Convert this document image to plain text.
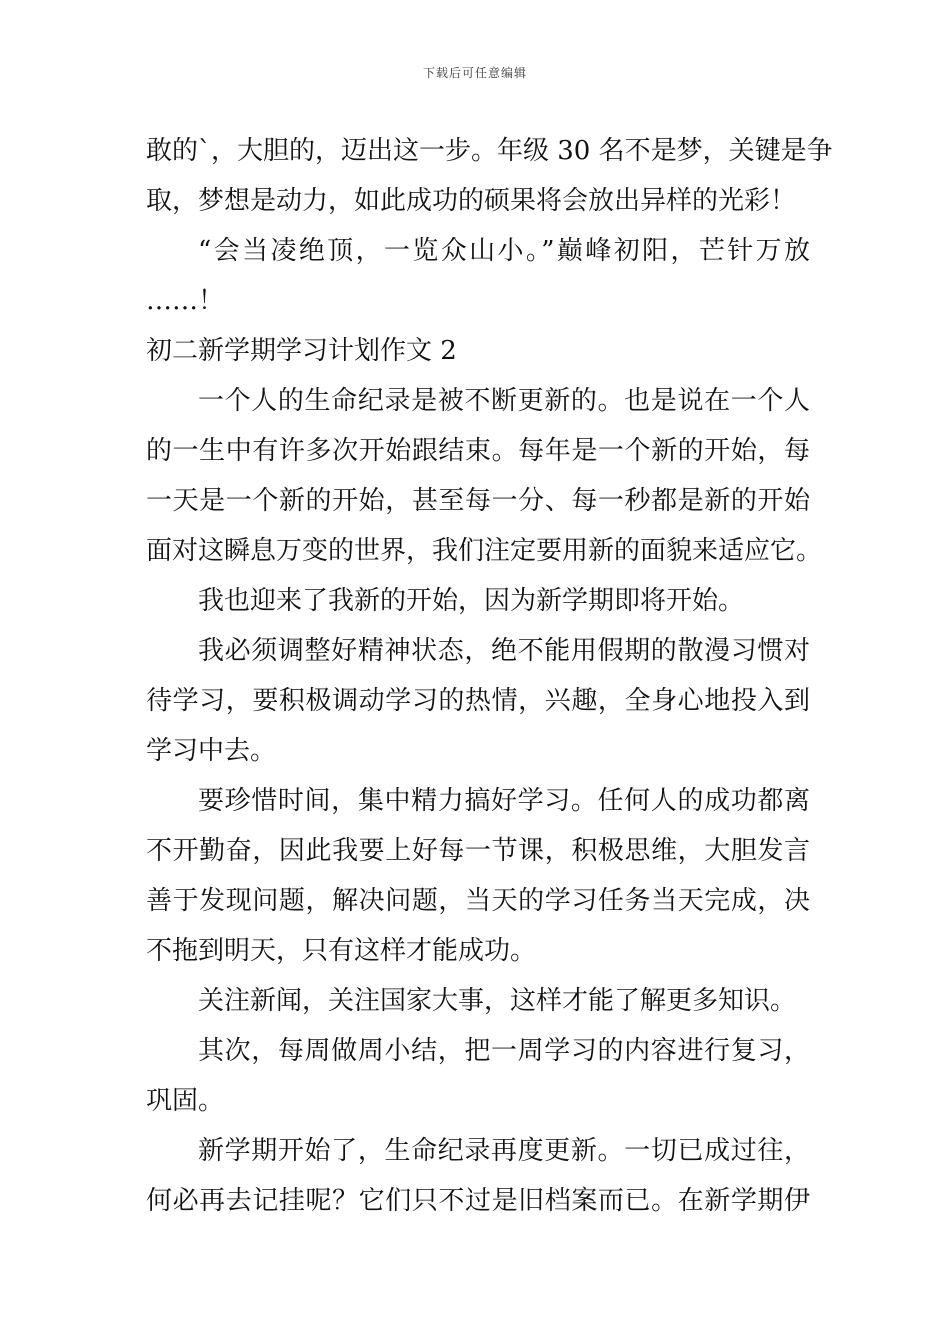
下载后可任意编辑
敢的`，大胆的，迈出这一步。年级 30 名不是梦，关键是争
取，梦想是动力，如此成功的硕果将会放出异样的光彩！
“会当凌绝顶，一览众山小。”巅峰初阳，芒针万放
……！
初二新学期学习计划作文 2
一个人的生命纪录是被不断更新的。也是说在一个人
的一生中有许多次开始跟结束。每年是一个新的开始，每
一天是一个新的开始，甚至每一分、每一秒都是新的开始
面对这瞬息万变的世界，我们注定要用新的面貌来适应它。
我也迎来了我新的开始，因为新学期即将开始。
我必须调整好精神状态，绝不能用假期的散漫习惯对
待学习，要积极调动学习的热情，兴趣，全身心地投入到
学习中去。
要珍惜时间，集中精力搞好学习。任何人的成功都离
不开勤奋，因此我要上好每一节课，积极思维，大胆发言
善于发现问题，解决问题，当天的学习任务当天完成，决
不拖到明天，只有这样才能成功。
关注新闻，关注国家大事，这样才能了解更多知识。
其次，每周做周小结，把一周学习的内容进行复习，
巩固。
新学期开始了，生命纪录再度更新。一切已成过往，
何必再去记挂呢？它们只不过是旧档案而已。在新学期伊
